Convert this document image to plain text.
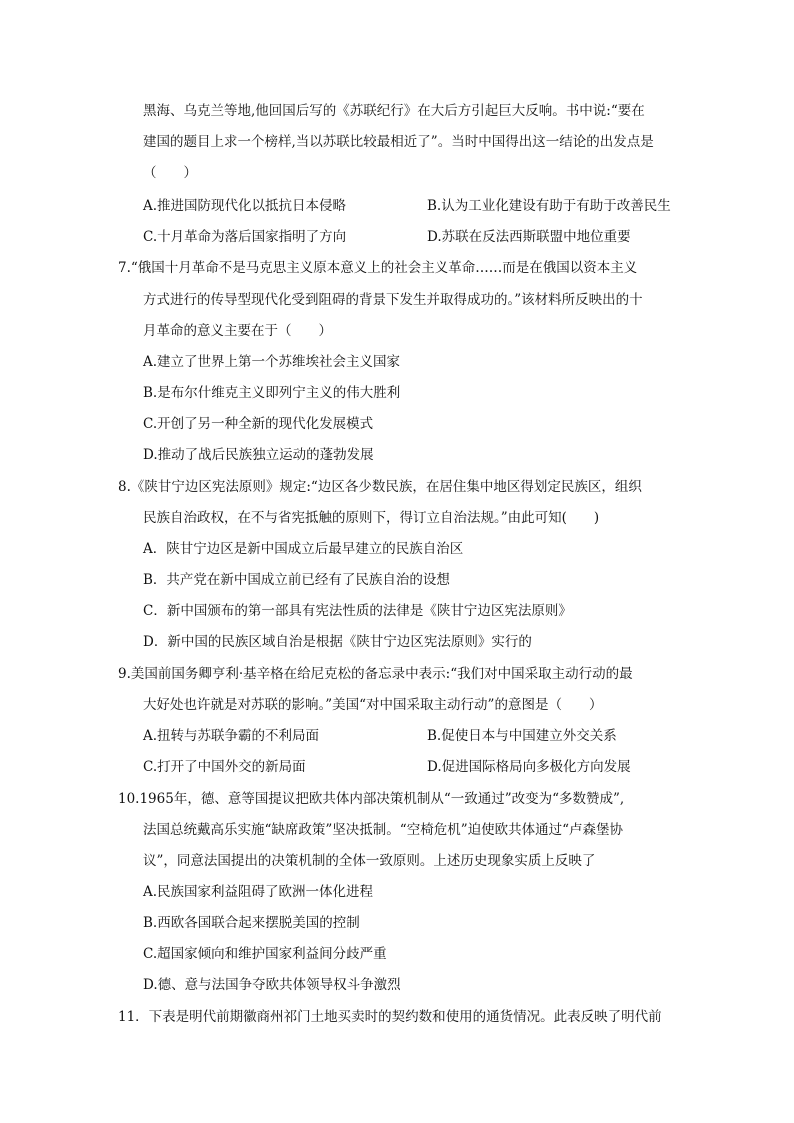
黑海、乌克兰等地,他回国后写的《苏联纪行》在大后方引起巨大反响。书中说:“要在
建国的题目上求一个榜样,当以苏联比较最相近了”。当时中国得出这一结论的出发点是
（　　）
A.推进国防现代化以抵抗日本侵略	B.认为工业化建设有助于有助于改善民生
C.十月革命为落后国家指明了方向	D.苏联在反法西斯联盟中地位重要
7.“俄国十月革命不是马克思主义原本意义上的社会主义革命……而是在俄国以资本主义
方式进行的传导型现代化受到阻碍的背景下发生并取得成功的。”该材料所反映出的十
月革命的意义主要在于（　　）
A.建立了世界上第一个苏维埃社会主义国家
B.是布尔什维克主义即列宁主义的伟大胜利
C.开创了另一种全新的现代化发展模式
D.推动了战后民族独立运动的蓬勃发展
8.《陕甘宁边区宪法原则》规定:“边区各少数民族，在居住集中地区得划定民族区，组织
民族自治政权，在不与省宪抵触的原则下，得订立自治法规。”由此可知(　　)
A．陕甘宁边区是新中国成立后最早建立的民族自治区
B．共产党在新中国成立前已经有了民族自治的设想
C．新中国颁布的第一部具有宪法性质的法律是《陕甘宁边区宪法原则》
D．新中国的民族区域自治是根据《陕甘宁边区宪法原则》实行的
9.美国前国务卿亨利·基辛格在给尼克松的备忘录中表示:“我们对中国采取主动行动的最
大好处也许就是对苏联的影响。”美国“对中国采取主动行动”的意图是（　　）
A.扭转与苏联争霸的不利局面	B.促使日本与中国建立外交关系
C.打开了中国外交的新局面	D.促进国际格局向多极化方向发展
10.1965年，德、意等国提议把欧共体内部决策机制从“一致通过”改变为“多数赞成”,
法国总统戴高乐实施“缺席政策”坚决抵制。“空椅危机”迫使欧共体通过“卢森堡协
议”，同意法国提出的决策机制的全体一致原则。上述历史现象实质上反映了
A.民族国家利益阻碍了欧洲一体化进程
B.西欧各国联合起来摆脱美国的控制
C.超国家倾向和维护国家利益间分歧严重
D.德、意与法国争夺欧共体领导权斗争激烈
11．下表是明代前期徽商州祁门土地买卖时的契约数和使用的通货情况。此表反映了明代前
